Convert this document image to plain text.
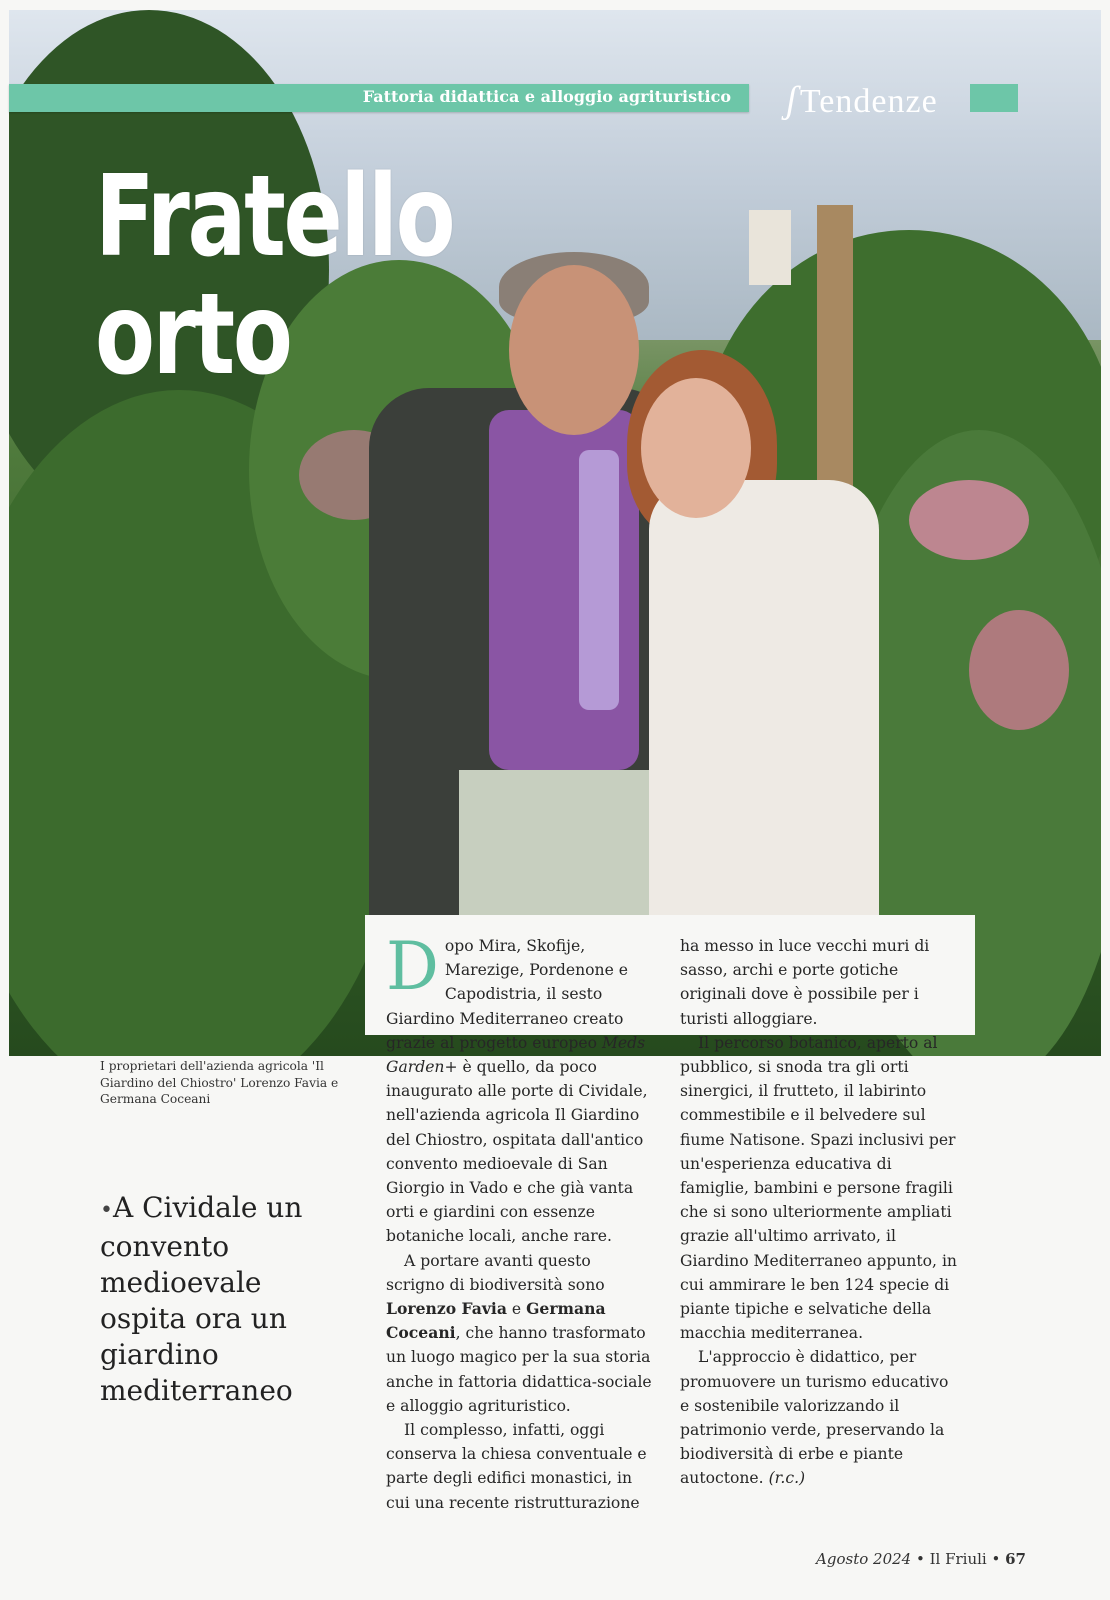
Fratello
orto
Fattoria didattica e alloggio agrituristico ʃTendenze

Dopo Mira, Skofije, Marezige, Pordenone e Capodistria, il sesto Giardino Mediterraneo creato grazie al progetto europeo Meds Garden+ è quello, da poco inaugurato alle porte di Cividale, nell'azienda agricola Il Giardino del Chiostro, ospitata dall'antico convento medioevale di San Giorgio in Vado e che già vanta orti e giardini con essenze botaniche locali, anche rare.

A portare avanti questo scrigno di biodiversità sono Lorenzo Favia e Germana Coceani, che hanno trasformato un luogo magico per la sua storia anche in fattoria didattica-sociale e alloggio agrituristico.

Il complesso, infatti, oggi conserva la chiesa conventuale e parte degli edifici monastici, in cui una recente ristrutturazione

ha messo in luce vecchi muri di sasso, archi e porte gotiche originali dove è possibile per i turisti alloggiare.

Il percorso botanico, aperto al pubblico, si snoda tra gli orti sinergici, il frutteto, il labirinto commestibile e il belvedere sul fiume Natisone. Spazi inclusivi per un'esperienza educativa di famiglie, bambini e persone fragili che si sono ulteriormente ampliati grazie all'ultimo arrivato, il Giardino Mediterraneo appunto, in cui ammirare le ben 124 specie di piante tipiche e selvatiche della macchia mediterranea.

L'approccio è didattico, per promuovere un turismo educativo e sostenibile valorizzando il patrimonio verde, preservando la biodiversità di erbe e piante autoctone. (r.c.)

I proprietari dell'azienda agricola 'Il Giardino del Chiostro' Lorenzo Favia e Germana Coceani
•A Cividale un convento medioevale ospita ora un giardino mediterraneo
Agosto 2024 • Il Friuli • 67
